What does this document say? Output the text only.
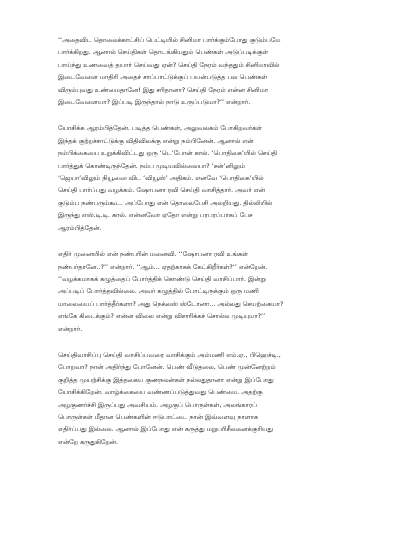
‘‘அதைவிட தொலைக்காட்சிப் பெட்டியில் சினிமா பார்க்கும்போது குடும்பமே
பார்க்கிறது. ஆனால் செய்திகள் தொடங்கியதும் பெண்கள் அடுப்படிக்குள்
பாய்ந்து உணவைத் தயார் செய்வது ஏன்? செய்தி நேரம் வந்ததும் சினிமாவில்
இடைவேளை மாதிரி அதைச் சாப்பாட்டுக்குப் பயன்படுத்த பல பெண்கள்
விரும்புவது உண்மைதானே! இது சரிதானா? செய்தி நேரம் என்ன சினிமா
இடைவேளையா? இப்படி இருந்தால் நாடு உருப்படுமா?’’ என்றார்.

யோசிக்க ஆரம்பித்தேன். படித்த பெண்கள், அலுவலகம் போகிறவர்கள்
இந்தக் குற்றச்சாட்டுக்கு விதிவிலக்கு என்று நம்பினேன். ஆனால் என்
நம்பிக்கையை உறுக்கிவிட்டது ஒரு ‘டெ’போன் கால். ‘பொதிகை’யில் செய்தி
பார்த்துக் கொண்டிருந்தேன். நம்ப முடியவில்லையா? ‘சன்’னிலும்
‘ஜெயா’விலும் நியூஸை விட ‘வியூஸ்’ அதிகம். எனவே ‘பொதிகை’யில்
செய்தி பார்ப்பது வழக்கம். ஷோபனா ரவி செய்தி வாசித்தார். அவர் என்
குடும்ப நண்பரும்கூட. அப்போது என் தொலைபேசி அலறியது. தில்லியில்
இருந்து எஸ்.டி.டி. கால். என்னவோ ஏதோ என்று பரபரப்பாகப் பேச
ஆரம்பித்தேன்.

எதிர் முனையில் என் நண்பரின் மனைவி. ‘‘ஷோபனா ரவி உங்கள்
நண்பர்தானே..?’’ என்றார். ‘‘ஆம்... ஏதற்காகக் கேட்கிறீர்கள்?’’ என்றேன்.
‘‘வழக்கமாகக் கழுத்தைப் போர்த்திக் கொண்டு செய்தி வாசிப்பார். இன்று
அப்படிப் போர்த்தவில்லை. அவர் கழுத்தில் போட்டிருக்கும் ஒரு மணி
மாலையைப் பார்த்தீர்களா? அது நெக்லஸ் ஸ்டோனா... அல்லது செயற்கையா?
எங்கே கிடைக்கும்? என்ன விலை என்று விசாரிக்கச் சொல்ல முடியுமா?’’
என்றார்.

செய்திவாசிப்பு செய்தி வாசிப்பவரை வாசிக்கும் அம்மணி எம்.ஏ., பிஹெச்டி.,
போறவா? நான் அதிர்ந்து போனேன். பெண் வீடுதலை, பெண் முன்னேற்றம்
குறித்த முயற்சிக்கு இத்தகைய குணநலன்கள் நல்லதுதானா என்று இப்போது
யோசிக்கிறேன். வாழ்க்கையை வண்ணப்படுத்துவது பெண்மை. அதற்கு
அழகுணர்ச்சி இருப்பது அவசியம். அழகுப் பொருள்கள், அலங்காரப்
பொருள்கள் மீதான பெண்களின் ஈடுபாட்டை நான் இவ்வளவு நாளாக
எதிர்ப்பது இல்லை. ஆனால் இப்போது என் கருத்து மறுபரிசீலனைக்குரியது
என்றே கருதுகிறேன்.
